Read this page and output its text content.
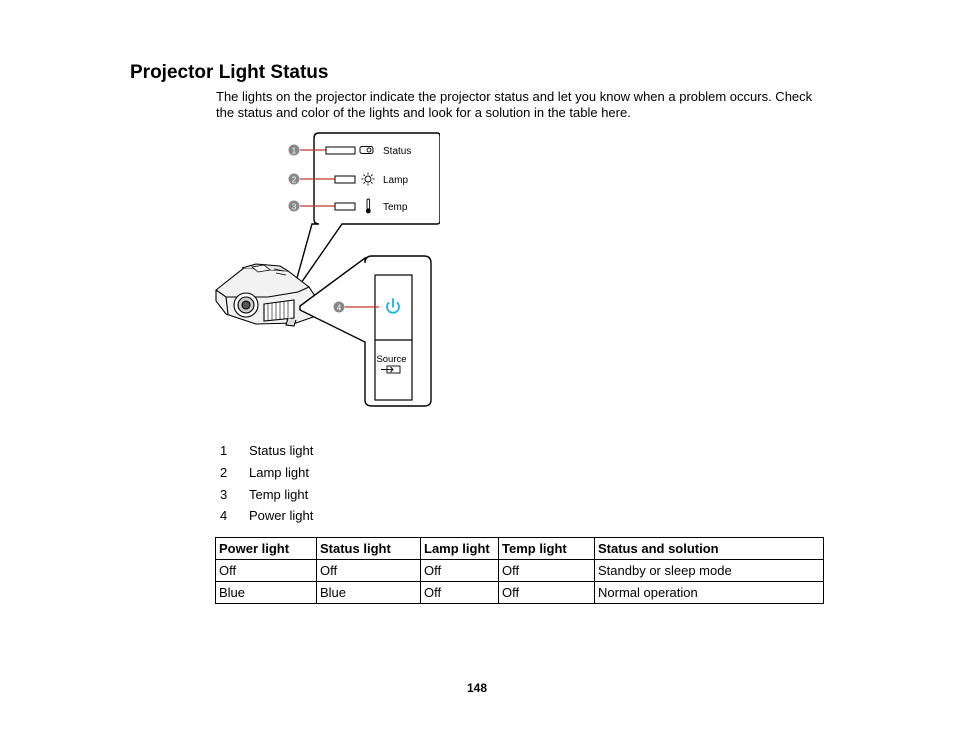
Projector Light Status

The lights on the projector indicate the projector status and let you know when a problem occurs. Check the status and color of the lights and look for a solution in the table here.

1	Status
2	Lamp
3	Temp
4
Source
1	Status light
2	Lamp light
3	Temp light
4	Power light
Power light	Status light	Lamp light	Temp light	Status and solution
Off	Off	Off	Off	Standby or sleep mode
Blue	Blue	Off	Off	Normal operation
148
